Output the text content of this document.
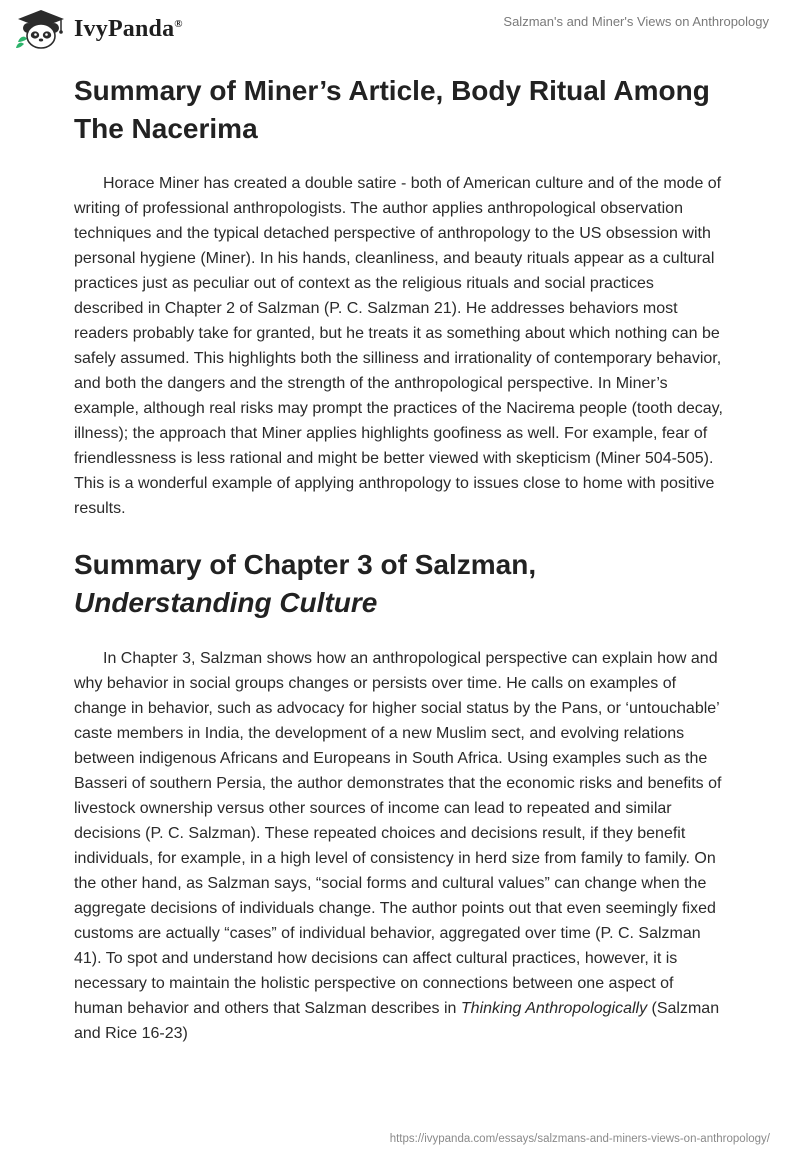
IvyPanda®	Salzman's and Miner's Views on Anthropology
Summary of Miner’s Article, Body Ritual Among The Nacerima

Horace Miner has created a double satire - both of American culture and of the mode of writing of professional anthropologists. The author applies anthropological observation techniques and the typical detached perspective of anthropology to the US obsession with personal hygiene (Miner). In his hands, cleanliness, and beauty rituals appear as a cultural practices just as peculiar out of context as the religious rituals and social practices described in Chapter 2 of Salzman (P. C. Salzman 21). He addresses behaviors most readers probably take for granted, but he treats it as something about which nothing can be safely assumed. This highlights both the silliness and irrationality of contemporary behavior, and both the dangers and the strength of the anthropological perspective. In Miner’s example, although real risks may prompt the practices of the Nacirema people (tooth decay, illness); the approach that Miner applies highlights goofiness as well. For example, fear of friendlessness is less rational and might be better viewed with skepticism (Miner 504-505). This is a wonderful example of applying anthropology to issues close to home with positive results.

Summary of Chapter 3 of Salzman,
Understanding Culture

In Chapter 3, Salzman shows how an anthropological perspective can explain how and why behavior in social groups changes or persists over time. He calls on examples of change in behavior, such as advocacy for higher social status by the Pans, or ‘untouchable’ caste members in India, the development of a new Muslim sect, and evolving relations between indigenous Africans and Europeans in South Africa. Using examples such as the Basseri of southern Persia, the author demonstrates that the economic risks and benefits of livestock ownership versus other sources of income can lead to repeated and similar decisions (P. C. Salzman). These repeated choices and decisions result, if they benefit individuals, for example, in a high level of consistency in herd size from family to family. On the other hand, as Salzman says, “social forms and cultural values” can change when the aggregate decisions of individuals change. The author points out that even seemingly fixed customs are actually “cases” of individual behavior, aggregated over time (P. C. Salzman 41). To spot and understand how decisions can affect cultural practices, however, it is necessary to maintain the holistic perspective on connections between one aspect of human behavior and others that Salzman describes in Thinking Anthropologically (Salzman and Rice 16-23)

https://ivypanda.com/essays/salzmans-and-miners-views-on-anthropology/
